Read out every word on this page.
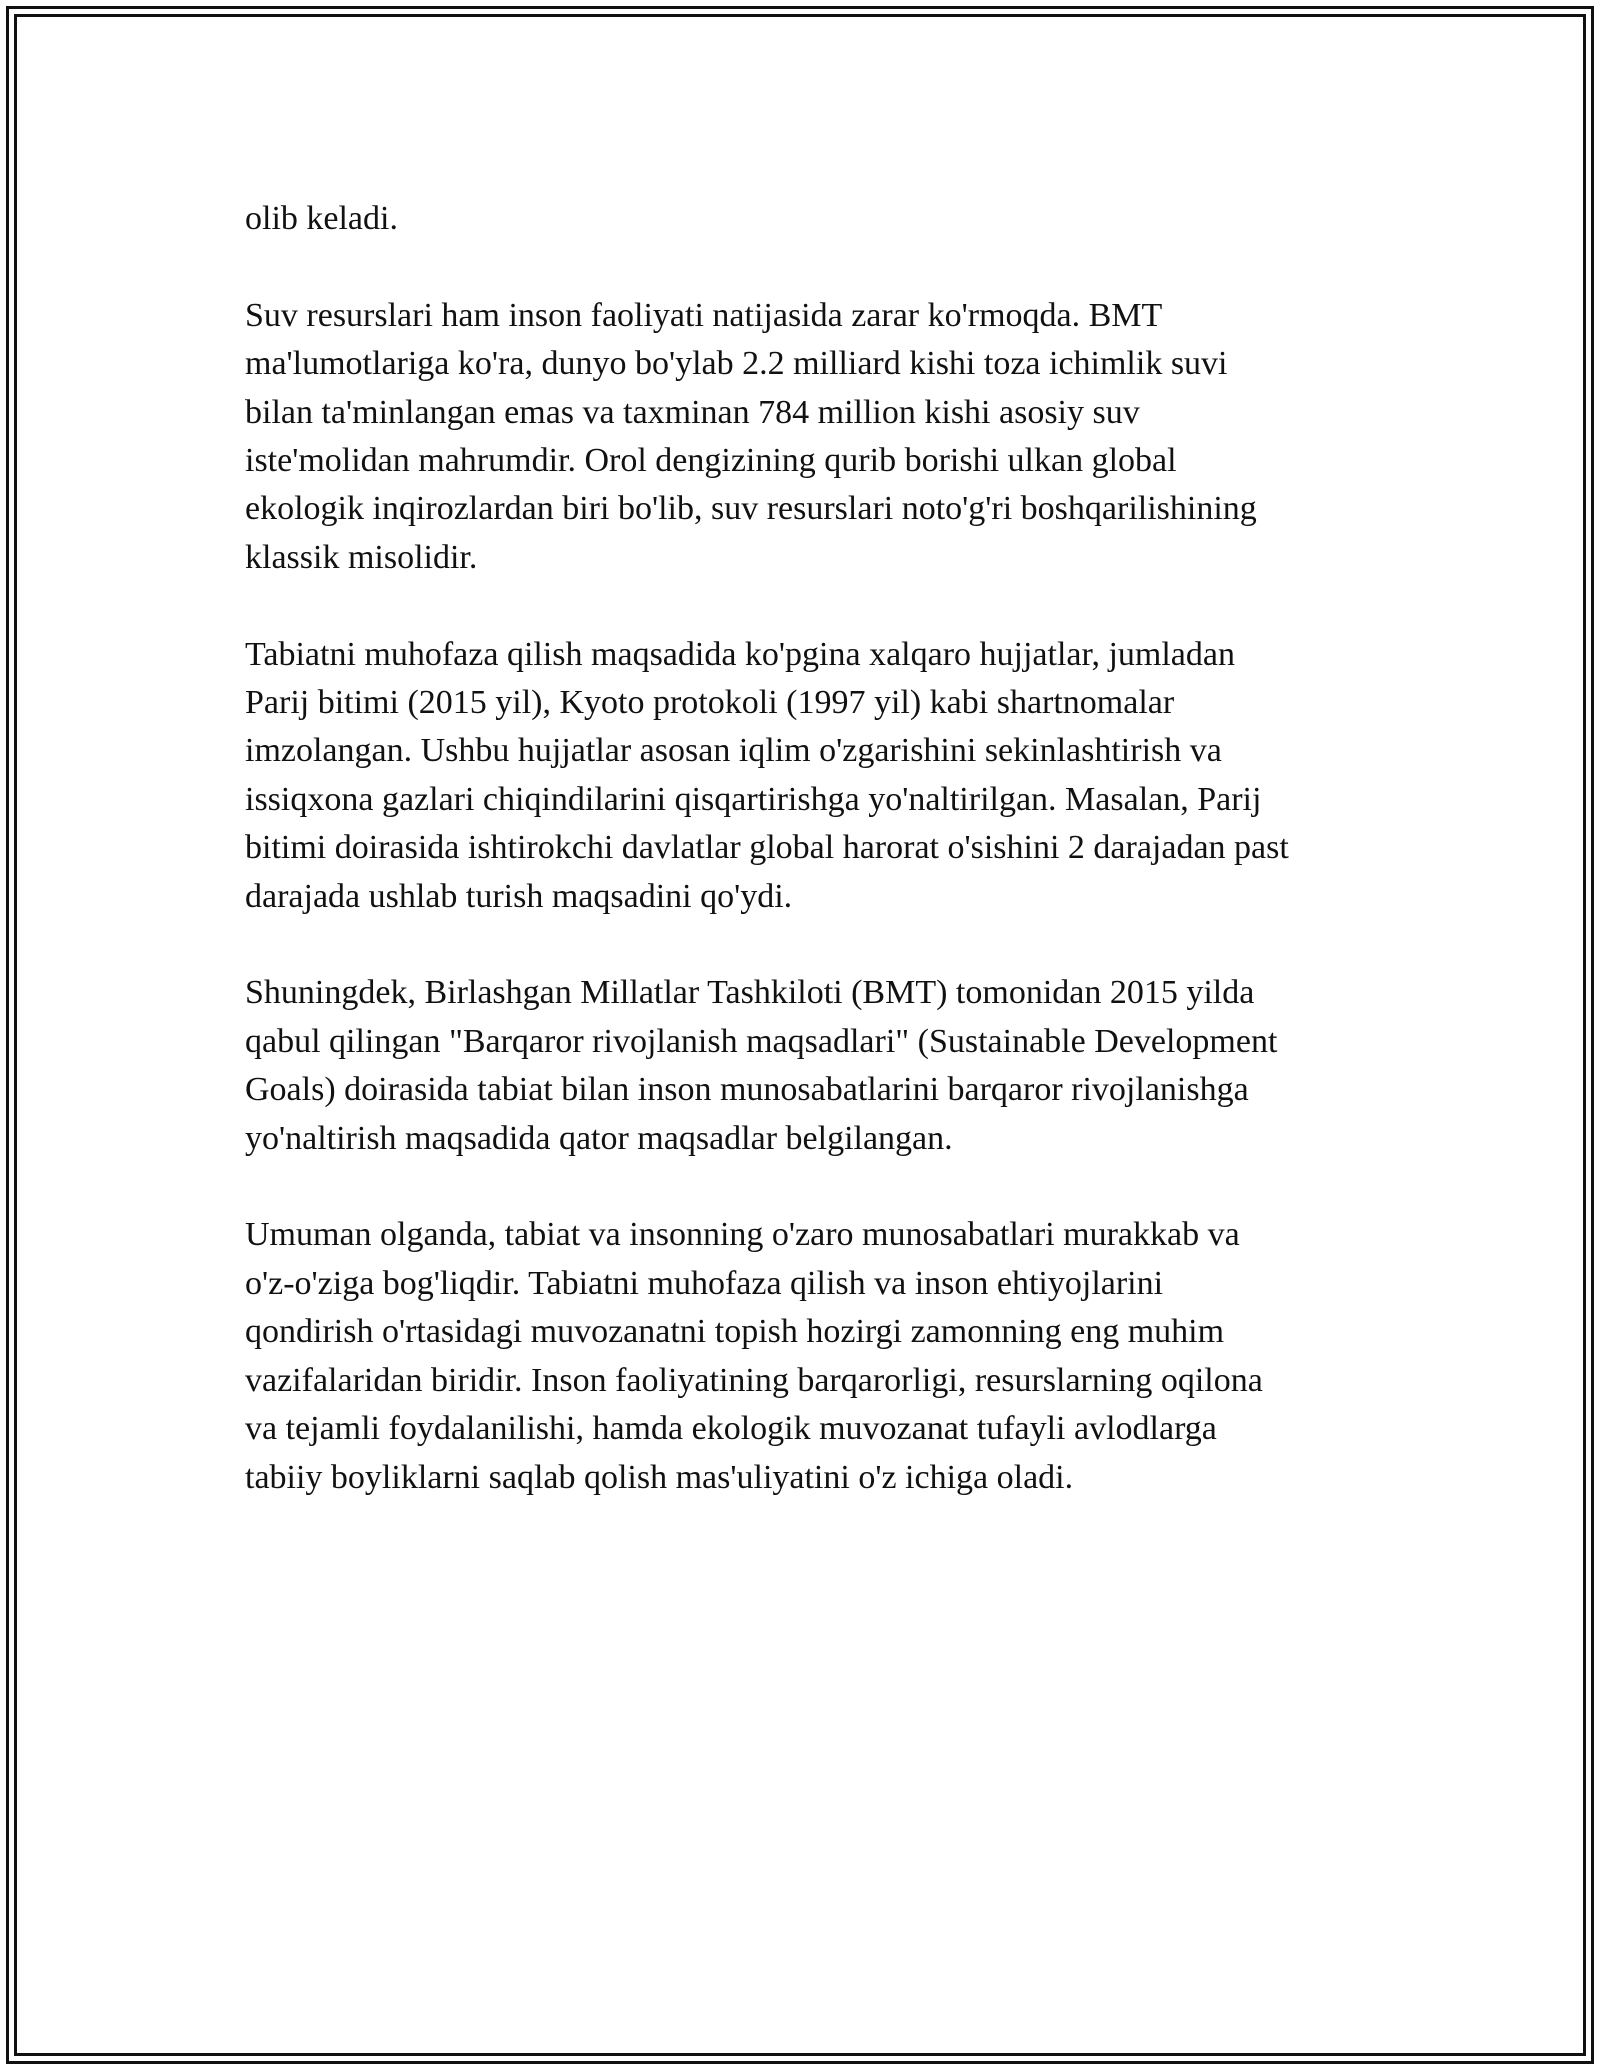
olib keladi.

Suv resurslari ham inson faoliyati natijasida zarar ko'rmoqda. BMT
ma'lumotlariga ko'ra, dunyo bo'ylab 2.2 milliard kishi toza ichimlik suvi
bilan ta'minlangan emas va taxminan 784 million kishi asosiy suv
iste'molidan mahrumdir. Orol dengizining qurib borishi ulkan global
ekologik inqirozlardan biri bo'lib, suv resurslari noto'g'ri boshqarilishining
klassik misolidir.

Tabiatni muhofaza qilish maqsadida ko'pgina xalqaro hujjatlar, jumladan
Parij bitimi (2015 yil), Kyoto protokoli (1997 yil) kabi shartnomalar
imzolangan. Ushbu hujjatlar asosan iqlim o'zgarishini sekinlashtirish va
issiqxona gazlari chiqindilarini qisqartirishga yo'naltirilgan. Masalan, Parij
bitimi doirasida ishtirokchi davlatlar global harorat o'sishini 2 darajadan past
darajada ushlab turish maqsadini qo'ydi.

Shuningdek, Birlashgan Millatlar Tashkiloti (BMT) tomonidan 2015 yilda
qabul qilingan "Barqaror rivojlanish maqsadlari" (Sustainable Development
Goals) doirasida tabiat bilan inson munosabatlarini barqaror rivojlanishga
yo'naltirish maqsadida qator maqsadlar belgilangan.

Umuman olganda, tabiat va insonning o'zaro munosabatlari murakkab va
o'z-o'ziga bog'liqdir. Tabiatni muhofaza qilish va inson ehtiyojlarini
qondirish o'rtasidagi muvozanatni topish hozirgi zamonning eng muhim
vazifalaridan biridir. Inson faoliyatining barqarorligi, resurslarning oqilona
va tejamli foydalanilishi, hamda ekologik muvozanat tufayli avlodlarga
tabiiy boyliklarni saqlab qolish mas'uliyatini o'z ichiga oladi.
